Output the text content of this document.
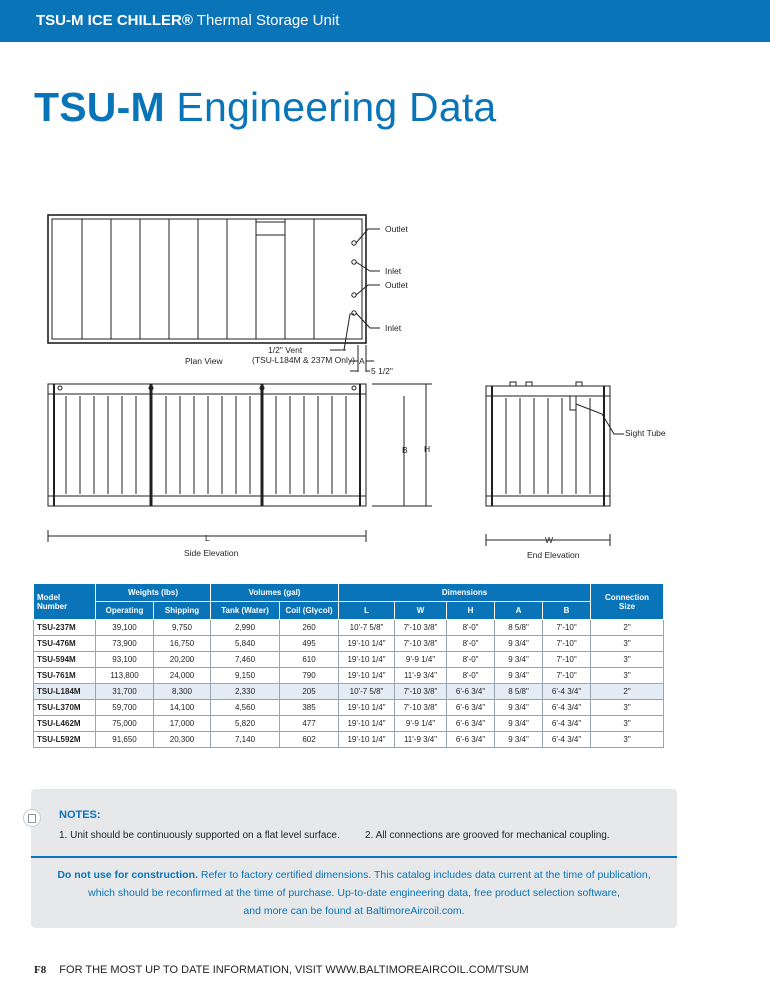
TSU-M ICE CHILLER® Thermal Storage Unit
TSU-M Engineering Data
Outlet
Inlet
Outlet
Inlet
Plan View
1/2" Vent
(TSU-L184M & 237M Only) A
5 1/2"
B H
L
Side Elevation
W
End Elevation
Sight Tube
Model
Number	Weights (lbs)		Volumes (gal)		Dimensions					Connection
Size
	Operating	Shipping	Tank (Water)	Coil (Glycol)	L	W	H	A	B	
TSU-237M	39,100	9,750	2,990	260	10'-7 5/8"	7'-10 3/8"	8'-0"	8 5/8"	7'-10"	2"
TSU-476M	73,900	16,750	5,840	495	19'-10 1/4"	7'-10 3/8"	8'-0"	9 3/4"	7'-10"	3"
TSU-594M	93,100	20,200	7,460	610	19'-10 1/4"	9'-9 1/4"	8'-0"	9 3/4"	7'-10"	3"
TSU-761M	113,800	24,000	9,150	790	19'-10 1/4"	11'-9 3/4"	8'-0"	9 3/4"	7'-10"	3"
TSU-L184M	31,700	8,300	2,330	205	10'-7 5/8"	7'-10 3/8"	6'-6 3/4"	8 5/8"	6'-4 3/4"	2"
TSU-L370M	59,700	14,100	4,560	385	19'-10 1/4"	7'-10 3/8"	6'-6 3/4"	9 3/4"	6'-4 3/4"	3"
TSU-L462M	75,000	17,000	5,820	477	19'-10 1/4"	9'-9 1/4"	6'-6 3/4"	9 3/4"	6'-4 3/4"	3"
TSU-L592M	91,650	20,300	7,140	602	19'-10 1/4"	11'-9 3/4"	6'-6 3/4"	9 3/4"	6'-4 3/4"	3"
NOTES:
1. Unit should be continuously supported on a flat level surface.	2. All connections are grooved for mechanical coupling.
Do not use for construction. Refer to factory certified dimensions. This catalog includes data current at the time of publication,
which should be reconfirmed at the time of purchase. Up-to-date engineering data, free product selection software,
and more can be found at BaltimoreAircoil.com.
F8 FOR THE MOST UP TO DATE INFORMATION, VISIT WWW.BALTIMOREAIRCOIL.COM/TSUM
